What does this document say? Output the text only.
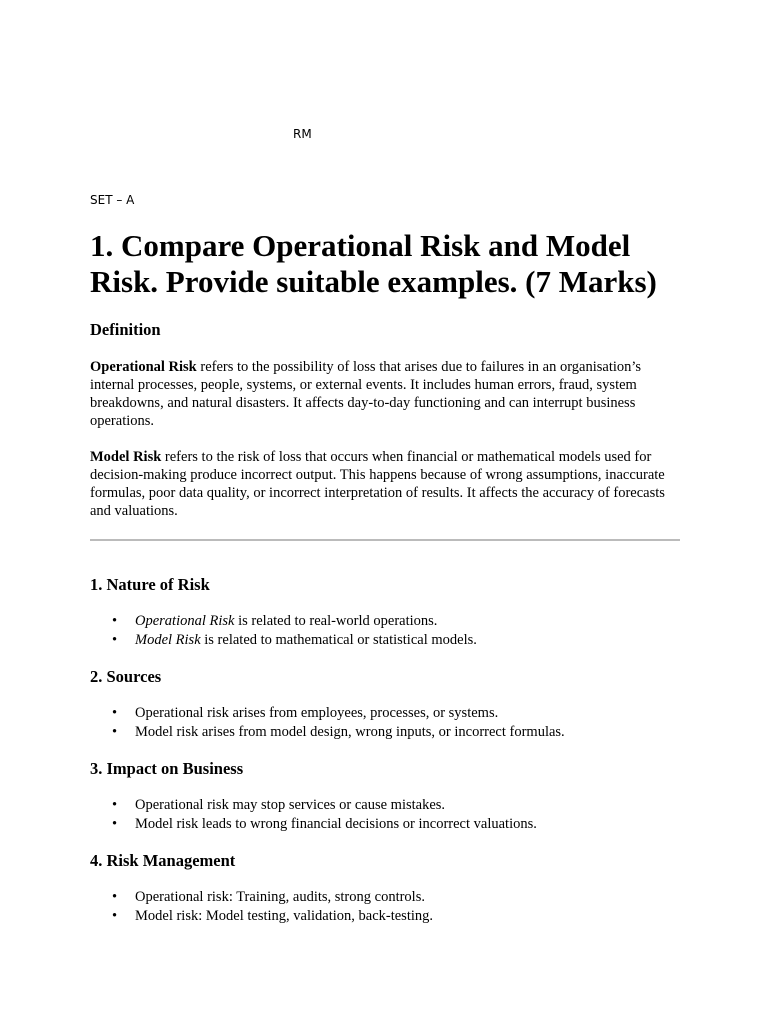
RM
SET – A
1. Compare Operational Risk and Model Risk. Provide suitable examples. (7 Marks)
Definition

Operational Risk refers to the possibility of loss that arises due to failures in an organisation’s internal processes, people, systems, or external events. It includes human errors, fraud, system breakdowns, and natural disasters. It affects day-to-day functioning and can interrupt business operations.

Model Risk refers to the risk of loss that occurs when financial or mathematical models used for decision-making produce incorrect output. This happens because of wrong assumptions, inaccurate formulas, poor data quality, or incorrect interpretation of results. It affects the accuracy of forecasts and valuations.

1. Nature of Risk
• Operational Risk is related to real-world operations.
• Model Risk is related to mathematical or statistical models.
2. Sources
• Operational risk arises from employees, processes, or systems.
• Model risk arises from model design, wrong inputs, or incorrect formulas.
3. Impact on Business
• Operational risk may stop services or cause mistakes.
• Model risk leads to wrong financial decisions or incorrect valuations.
4. Risk Management
• Operational risk: Training, audits, strong controls.
• Model risk: Model testing, validation, back-testing.
